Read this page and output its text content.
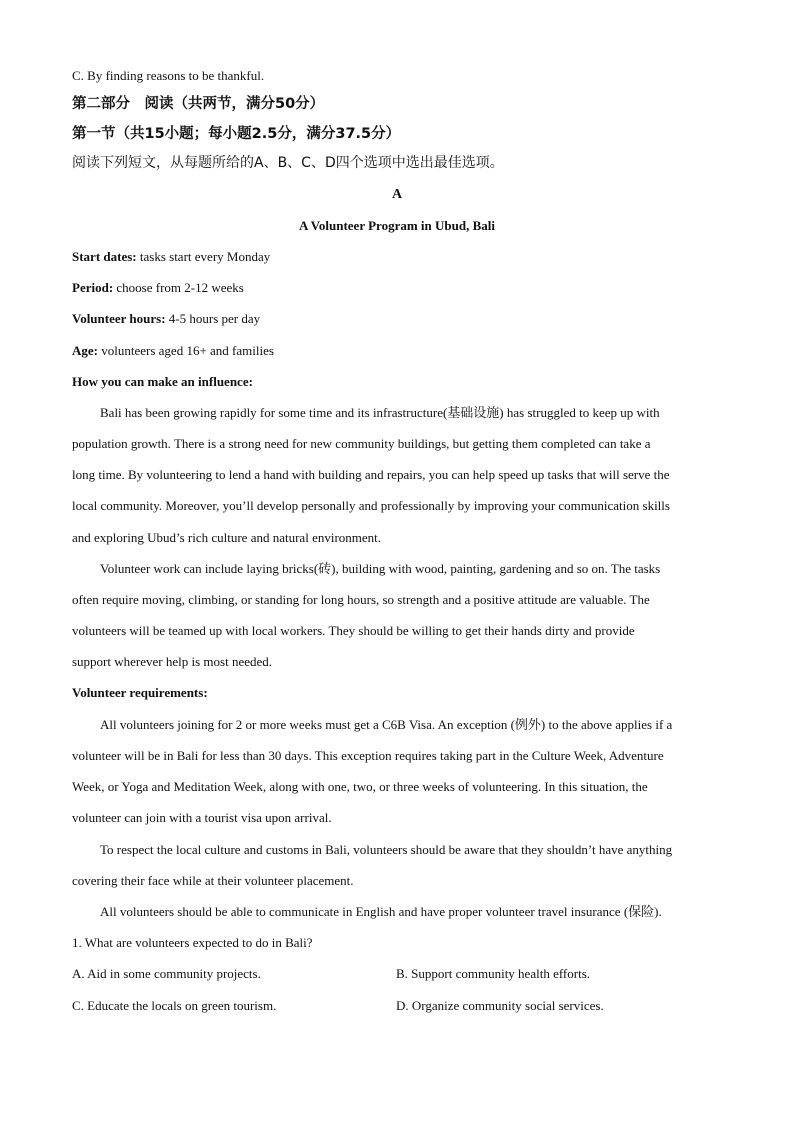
C. By finding reasons to be thankful.
第二部分　阅读（共两节，满分50分）
第一节（共15小题；每小题2.5分，满分37.5分）
阅读下列短文，从每题所给的A、B、C、D四个选项中选出最佳选项。
A
A Volunteer Program in Ubud, Bali
Start dates: tasks start every Monday
Period: choose from 2-12 weeks
Volunteer hours: 4-5 hours per day
Age: volunteers aged 16+ and families
How you can make an influence:
Bali has been growing rapidly for some time and its infrastructure(基础设施) has struggled to keep up with
population growth. There is a strong need for new community buildings, but getting them completed can take a
long time. By volunteering to lend a hand with building and repairs, you can help speed up tasks that will serve the
local community. Moreover, you’ll develop personally and professionally by improving your communication skills
and exploring Ubud’s rich culture and natural environment.
Volunteer work can include laying bricks(砖), building with wood, painting, gardening and so on. The tasks
often require moving, climbing, or standing for long hours, so strength and a positive attitude are valuable. The
volunteers will be teamed up with local workers. They should be willing to get their hands dirty and provide
support wherever help is most needed.
Volunteer requirements:
All volunteers joining for 2 or more weeks must get a C6B Visa. An exception (例外) to the above applies if a
volunteer will be in Bali for less than 30 days. This exception requires taking part in the Culture Week, Adventure
Week, or Yoga and Meditation Week, along with one, two, or three weeks of volunteering. In this situation, the
volunteer can join with a tourist visa upon arrival.
To respect the local culture and customs in Bali, volunteers should be aware that they shouldn’t have anything
covering their face while at their volunteer placement.
All volunteers should be able to communicate in English and have proper volunteer travel insurance (保险).
1. What are volunteers expected to do in Bali?
A. Aid in some community projects.	B. Support community health efforts.
C. Educate the locals on green tourism.	D. Organize community social services.
